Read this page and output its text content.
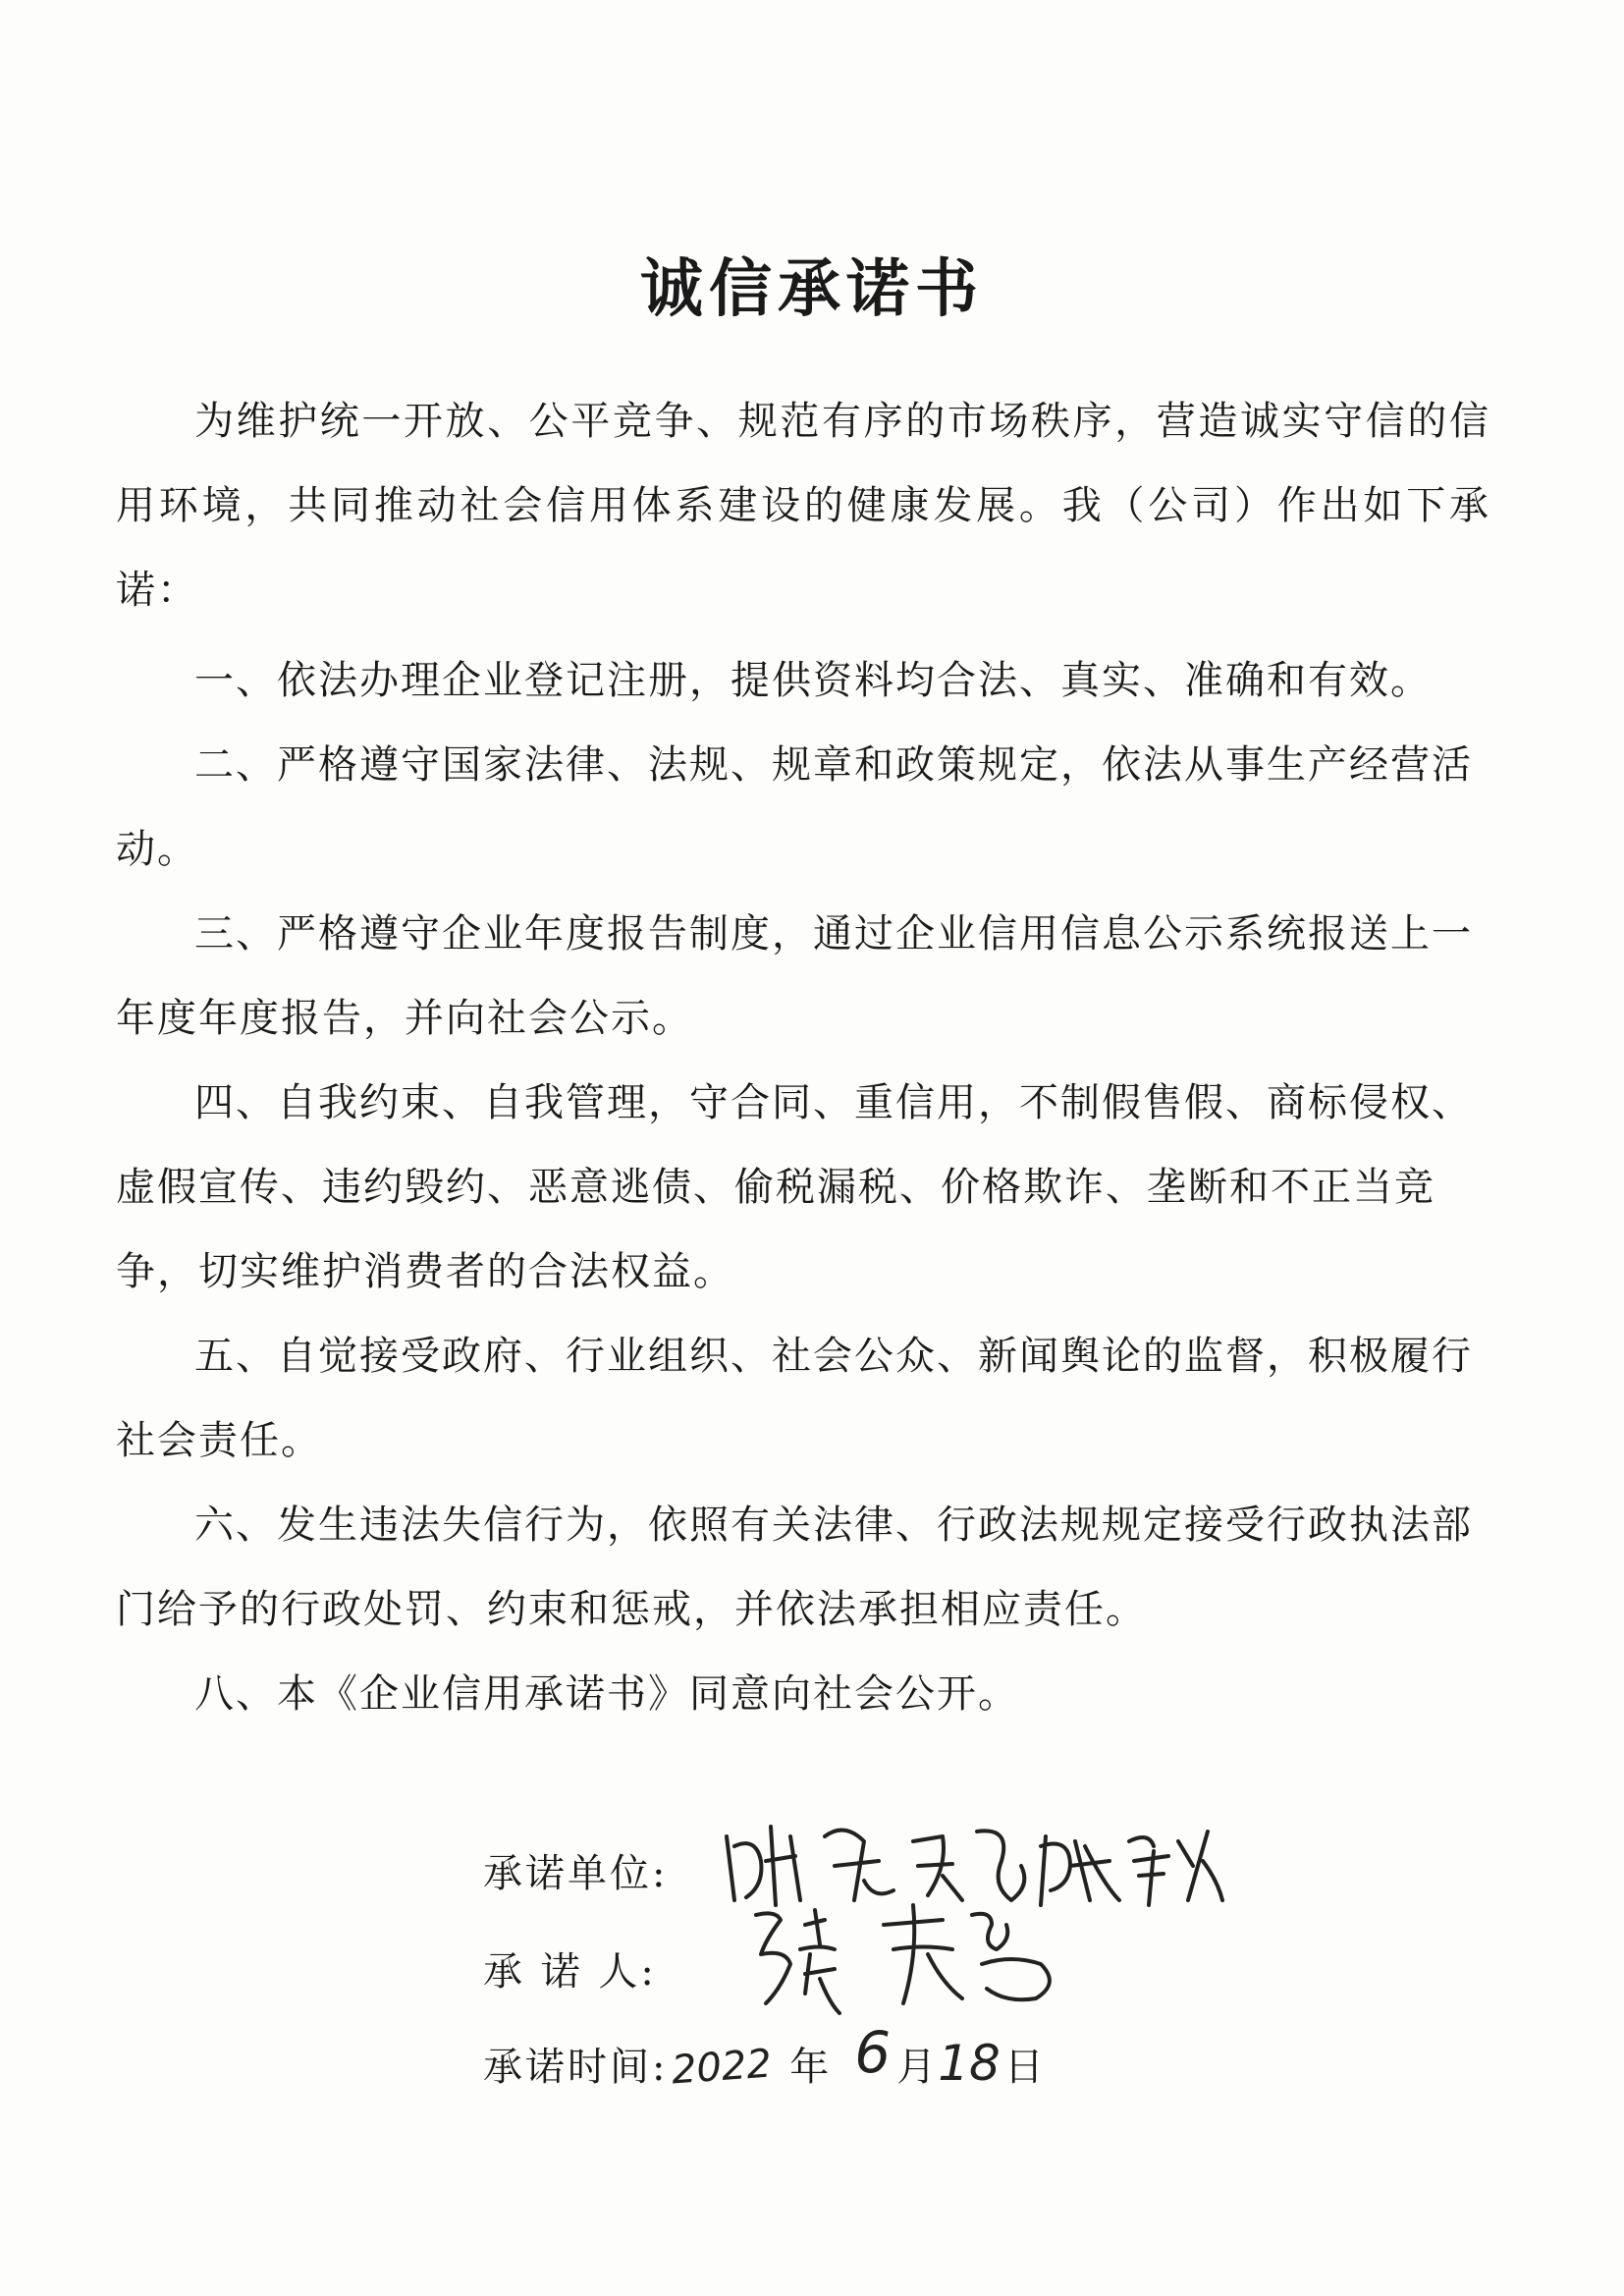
诚信承诺书
为维护统一开放、公平竞争、规范有序的市场秩序，营造诚实守信的信用环境，共同推动社会信用体系建设的健康发展。我（公司）作出如下承诺：
一、依法办理企业登记注册，提供资料均合法、真实、准确和有效。
二、严格遵守国家法律、法规、规章和政策规定，依法从事生产经营活动。
三、严格遵守企业年度报告制度，通过企业信用信息公示系统报送上一年度年度报告，并向社会公示。
四、自我约束、自我管理，守合同、重信用，不制假售假、商标侵权、虚假宣传、违约毁约、恶意逃债、偷税漏税、价格欺诈、垄断和不正当竞争，切实维护消费者的合法权益。
五、自觉接受政府、行业组织、社会公众、新闻舆论的监督，积极履行社会责任。
六、发生违法失信行为，依照有关法律、行政法规规定接受行政执法部门给予的行政处罚、约束和惩戒，并依法承担相应责任。
八、本《企业信用承诺书》同意向社会公开。
承诺单位:
承 诺 人:
承诺时间:2022 年 6 月18 日
